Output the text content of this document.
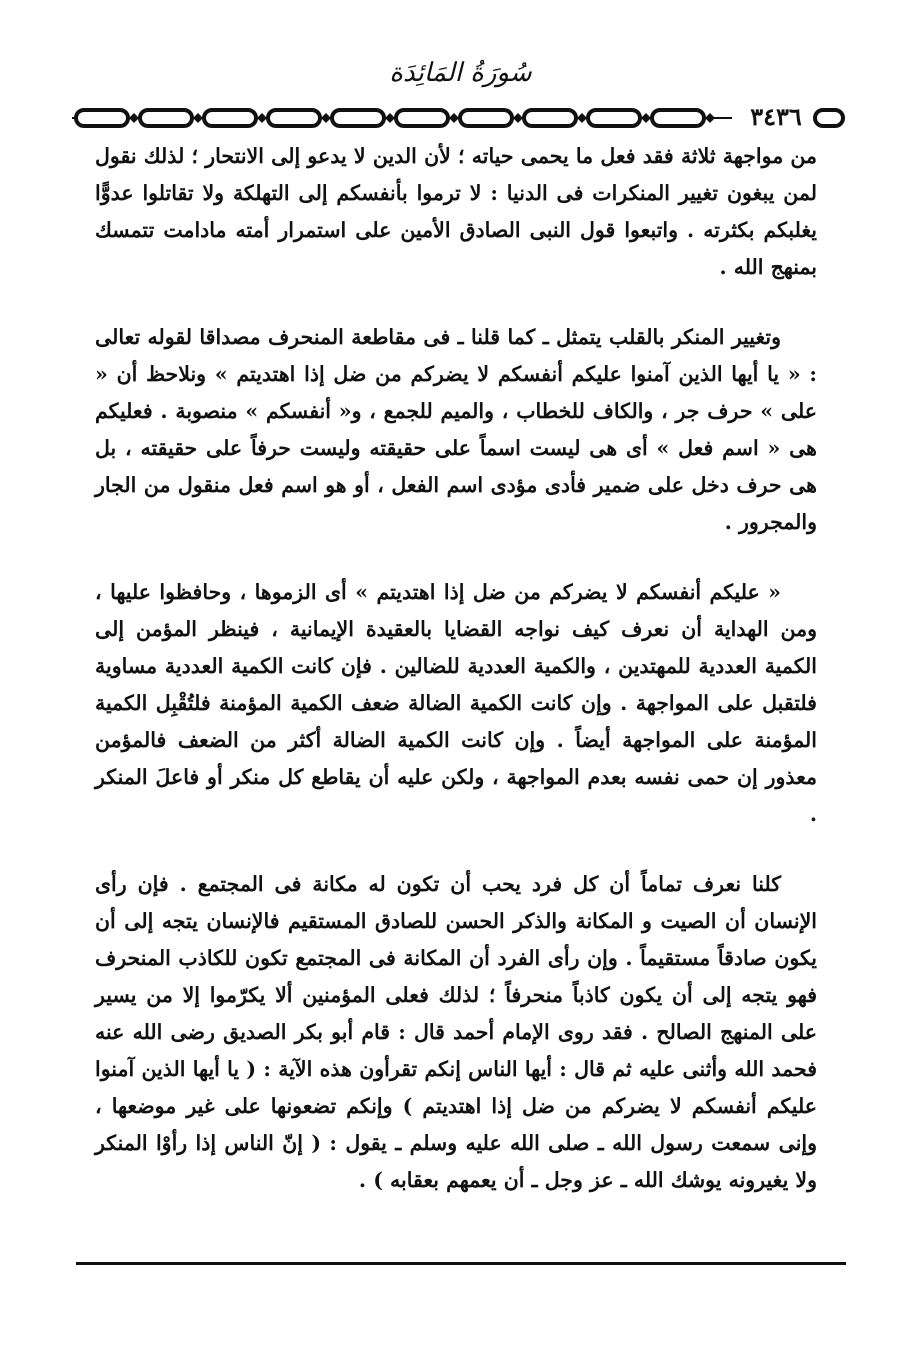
سُورَةُ المَائِدَة
٣٤٣٦

من مواجهة ثلاثة فقد فعل ما يحمى حياته ؛ لأن الدين لا يدعو إلى الانتحار ؛ لذلك نقول لمن يبغون تغيير المنكرات فى الدنيا : لا ترموا بأنفسكم إلى التهلكة ولا تقاتلوا عدوًّا يغلبكم بكثرته . واتبعوا قول النبى الصادق الأمين على استمرار أمته مادامت تتمسك بمنهج الله .

وتغيير المنكر بالقلب يتمثل ـ كما قلنا ـ فى مقاطعة المنحرف مصداقا لقوله تعالى : « يا أيها الذين آمنوا عليكم أنفسكم لا يضركم من ضل إذا اهتديتم » ونلاحظ أن « على » حرف جر ، والكاف للخطاب ، والميم للجمع ، و« أنفسكم » منصوبة . فعليكم هى « اسم فعل » أى هى ليست اسماً على حقيقته وليست حرفاً على حقيقته ، بل هى حرف دخل على ضمير فأدى مؤدى اسم الفعل ، أو هو اسم فعل منقول من الجار والمجرور .

« عليكم أنفسكم لا يضركم من ضل إذا اهتديتم » أى الزموها ، وحافظوا عليها ، ومن الهداية أن نعرف كيف نواجه القضايا بالعقيدة الإيمانية ، فينظر المؤمن إلى الكمية العددية للمهتدين ، والكمية العددية للضالين . فإن كانت الكمية العددية مساوية فلتقبل على المواجهة . وإن كانت الكمية الضالة ضعف الكمية المؤمنة فلتُقْبِل الكمية المؤمنة على المواجهة أيضاً . وإن كانت الكمية الضالة أكثر من الضعف فالمؤمن معذور إن حمى نفسه بعدم المواجهة ، ولكن عليه أن يقاطع كل منكر أو فاعلَ المنكر .

كلنا نعرف تماماً أن كل فرد يحب أن تكون له مكانة فى المجتمع . فإن رأى الإنسان أن الصيت و المكانة والذكر الحسن للصادق المستقيم فالإنسان يتجه إلى أن يكون صادقاً مستقيماً . وإن رأى الفرد أن المكانة فى المجتمع تكون للكاذب المنحرف فهو يتجه إلى أن يكون كاذباً منحرفاً ؛ لذلك فعلى المؤمنين ألا يكرّموا إلا من يسير على المنهج الصالح . فقد روى الإمام أحمد قال : قام أبو بكر الصديق رضى الله عنه فحمد الله وأثنى عليه ثم قال : أيها الناس إنكم تقرأون هذه الآية : ( يا أيها الذين آمنوا عليكم أنفسكم لا يضركم من ضل إذا اهتديتم ) وإنكم تضعونها على غير موضعها ، وإنى سمعت رسول الله ـ صلى الله عليه وسلم ـ يقول : ( إنّ الناس إذا رأوْا المنكر ولا يغيرونه يوشك الله ـ عز وجل ـ أن يعمهم بعقابه ) .
